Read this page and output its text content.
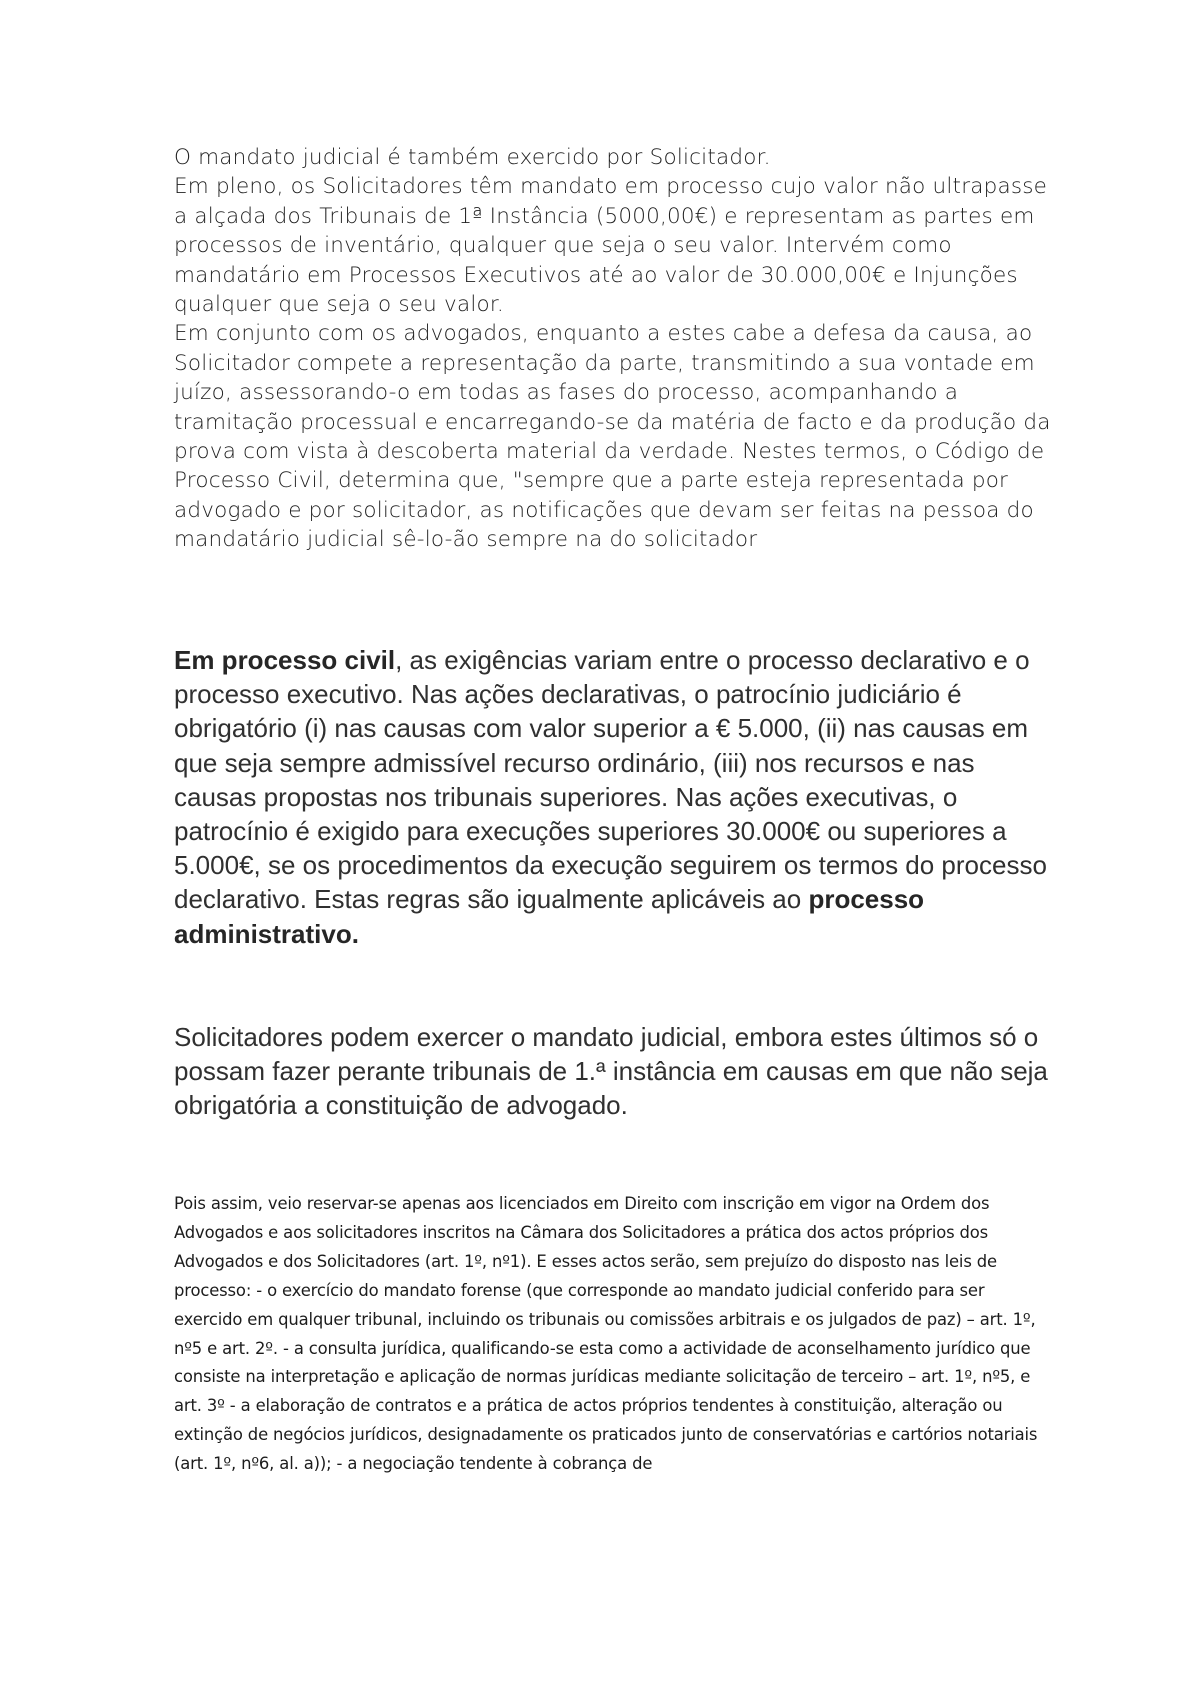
O mandato judicial é também exercido por Solicitador.

Em pleno, os Solicitadores têm mandato em processo cujo valor não ultrapasse a alçada dos Tribunais de 1ª Instância (5000,00€) e representam as partes em processos de inventário, qualquer que seja o seu valor. Intervém como mandatário em Processos Executivos até ao valor de 30.000,00€ e Injunções qualquer que seja o seu valor.

Em conjunto com os advogados, enquanto a estes cabe a defesa da causa, ao Solicitador compete a representação da parte, transmitindo a sua vontade em juízo, assessorando-o em todas as fases do processo, acompanhando a tramitação processual e encarregando-se da matéria de facto e da produção da prova com vista à descoberta material da verdade. Nestes termos, o Código de Processo Civil, determina que, "sempre que a parte esteja representada por advogado e por solicitador, as notificações que devam ser feitas na pessoa do mandatário judicial sê-lo-ão sempre na do solicitador

Em processo civil, as exigências variam entre o processo declarativo e o processo executivo. Nas ações declarativas, o patrocínio judiciário é obrigatório (i) nas causas com valor superior a € 5.000, (ii) nas causas em que seja sempre admissível recurso ordinário, (iii) nos recursos e nas causas propostas nos tribunais superiores. Nas ações executivas, o patrocínio é exigido para execuções superiores 30.000€ ou superiores a 5.000€, se os procedimentos da execução seguirem os termos do processo declarativo. Estas regras são igualmente aplicáveis ao processo administrativo.

Solicitadores podem exercer o mandato judicial, embora estes últimos só o possam fazer perante tribunais de 1.ª instância em causas em que não seja obrigatória a constituição de advogado.

Pois assim, veio reservar-se apenas aos licenciados em Direito com inscrição em vigor na Ordem dos Advogados e aos solicitadores inscritos na Câmara dos Solicitadores a prática dos actos próprios dos Advogados e dos Solicitadores (art. 1º, nº1). E esses actos serão, sem prejuízo do disposto nas leis de processo: - o exercício do mandato forense (que corresponde ao mandato judicial conferido para ser exercido em qualquer tribunal, incluindo os tribunais ou comissões arbitrais e os julgados de paz) – art. 1º, nº5 e art. 2º. - a consulta jurídica, qualificando-se esta como a actividade de aconselhamento jurídico que consiste na interpretação e aplicação de normas jurídicas mediante solicitação de terceiro – art. 1º, nº5, e art. 3º - a elaboração de contratos e a prática de actos próprios tendentes à constituição, alteração ou extinção de negócios jurídicos, designadamente os praticados junto de conservatórias e cartórios notariais (art. 1º, nº6, al. a)); - a negociação tendente à cobrança de
